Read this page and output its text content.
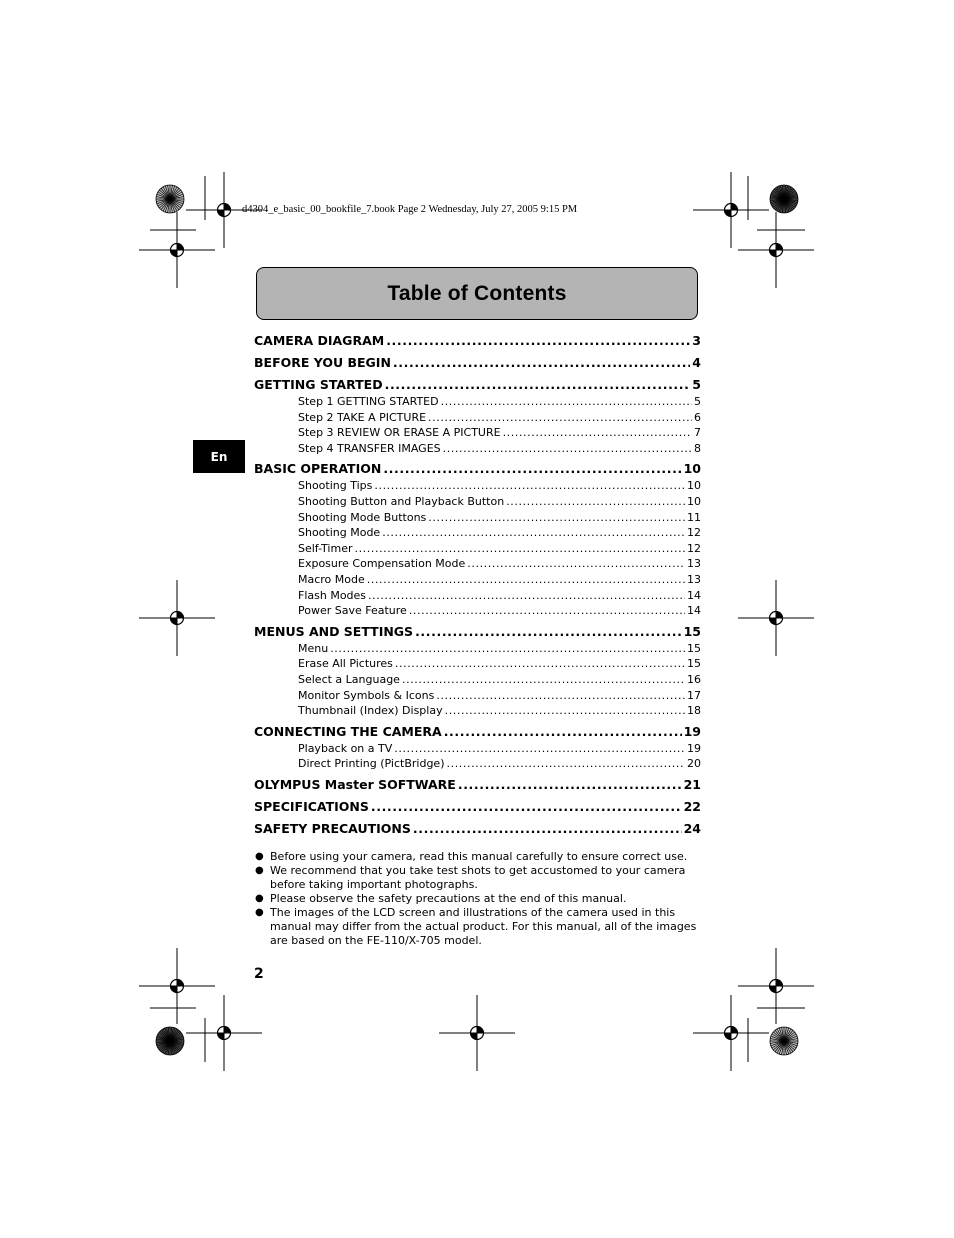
d4304_e_basic_00_bookfile_7.book Page 2 Wednesday, July 27, 2005 9:15 PM
Table of Contents
En
CAMERA DIAGRAM .....	3
BEFORE YOU BEGIN .....	4
GETTING STARTED .....	5
Step 1 GETTING STARTED .....	5
Step 2 TAKE A PICTURE .....	6
Step 3 REVIEW OR ERASE A PICTURE .....	7
Step 4 TRANSFER IMAGES .....	8
BASIC OPERATION .....	10
Shooting Tips .....	10
Shooting Button and Playback Button .....	10
Shooting Mode Buttons .....	11
Shooting Mode .....	12
Self-Timer .....	12
Exposure Compensation Mode .....	13
Macro Mode .....	13
Flash Modes .....	14
Power Save Feature .....	14
MENUS AND SETTINGS .....	15
Menu .....	15
Erase All Pictures .....	15
Select a Language .....	16
Monitor Symbols & Icons .....	17
Thumbnail (Index) Display .....	18
CONNECTING THE CAMERA .....	19
Playback on a TV .....	19
Direct Printing (PictBridge) .....	20
OLYMPUS Master SOFTWARE .....	21
SPECIFICATIONS .....	22
SAFETY PRECAUTIONS .....	24
● Before using your camera, read this manual carefully to ensure correct use.
● We recommend that you take test shots to get accustomed to your camera before taking important photographs.
● Please observe the safety precautions at the end of this manual.
● The images of the LCD screen and illustrations of the camera used in this manual may differ from the actual product. For this manual, all of the images are based on the FE-110/X-705 model.
2
